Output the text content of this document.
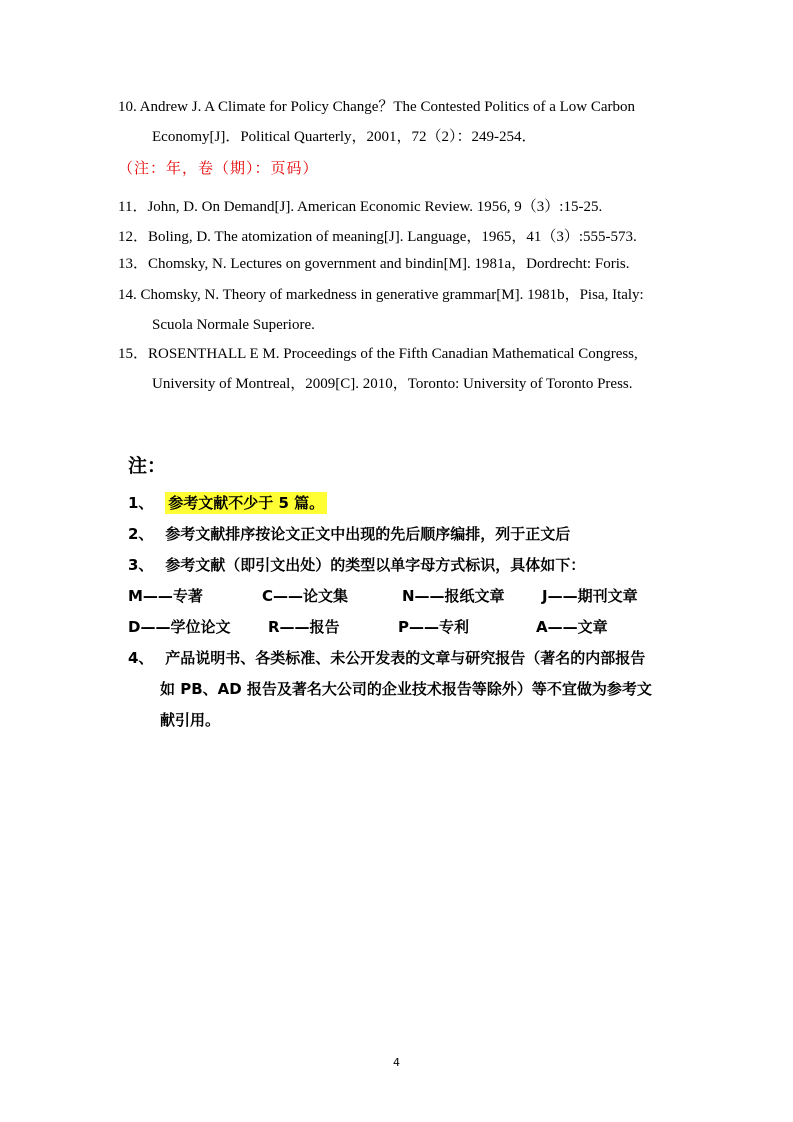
10. Andrew J. A Climate for Policy Change？The Contested Politics of a Low Carbon
Economy[J]．Political Quarterly，2001，72（2）：249-254．
（注：年，卷（期）：页码）
11．John, D. On Demand[J]. American Economic Review. 1956, 9（3）:15-25.
12．Boling, D. The atomization of meaning[J]. Language，1965，41（3）:555-573.
13．Chomsky, N. Lectures on government and bindin[M]. 1981a，Dordrecht: Foris.
14. Chomsky, N. Theory of markedness in generative grammar[M]. 1981b，Pisa, Italy:
Scuola Normale Superiore.
15．ROSENTHALL E M. Proceedings of the Fifth Canadian Mathematical Congress,
University of Montreal，2009[C]. 2010，Toronto: University of Toronto Press.
注：
1、 参考文献不少于 5 篇。
2、 参考文献排序按论文正文中出现的先后顺序编排，列于正文后
3、 参考文献（即引文出处）的类型以单字母方式标识，具体如下：
M——专著	C——论文集	N——报纸文章 J——期刊文章
D——学位论文	R——报告	P——专利	A——文章
4、 产品说明书、各类标准、未公开发表的文章与研究报告（著名的内部报告
如 PB、AD 报告及著名大公司的企业技术报告等除外）等不宜做为参考文
献引用。
4
